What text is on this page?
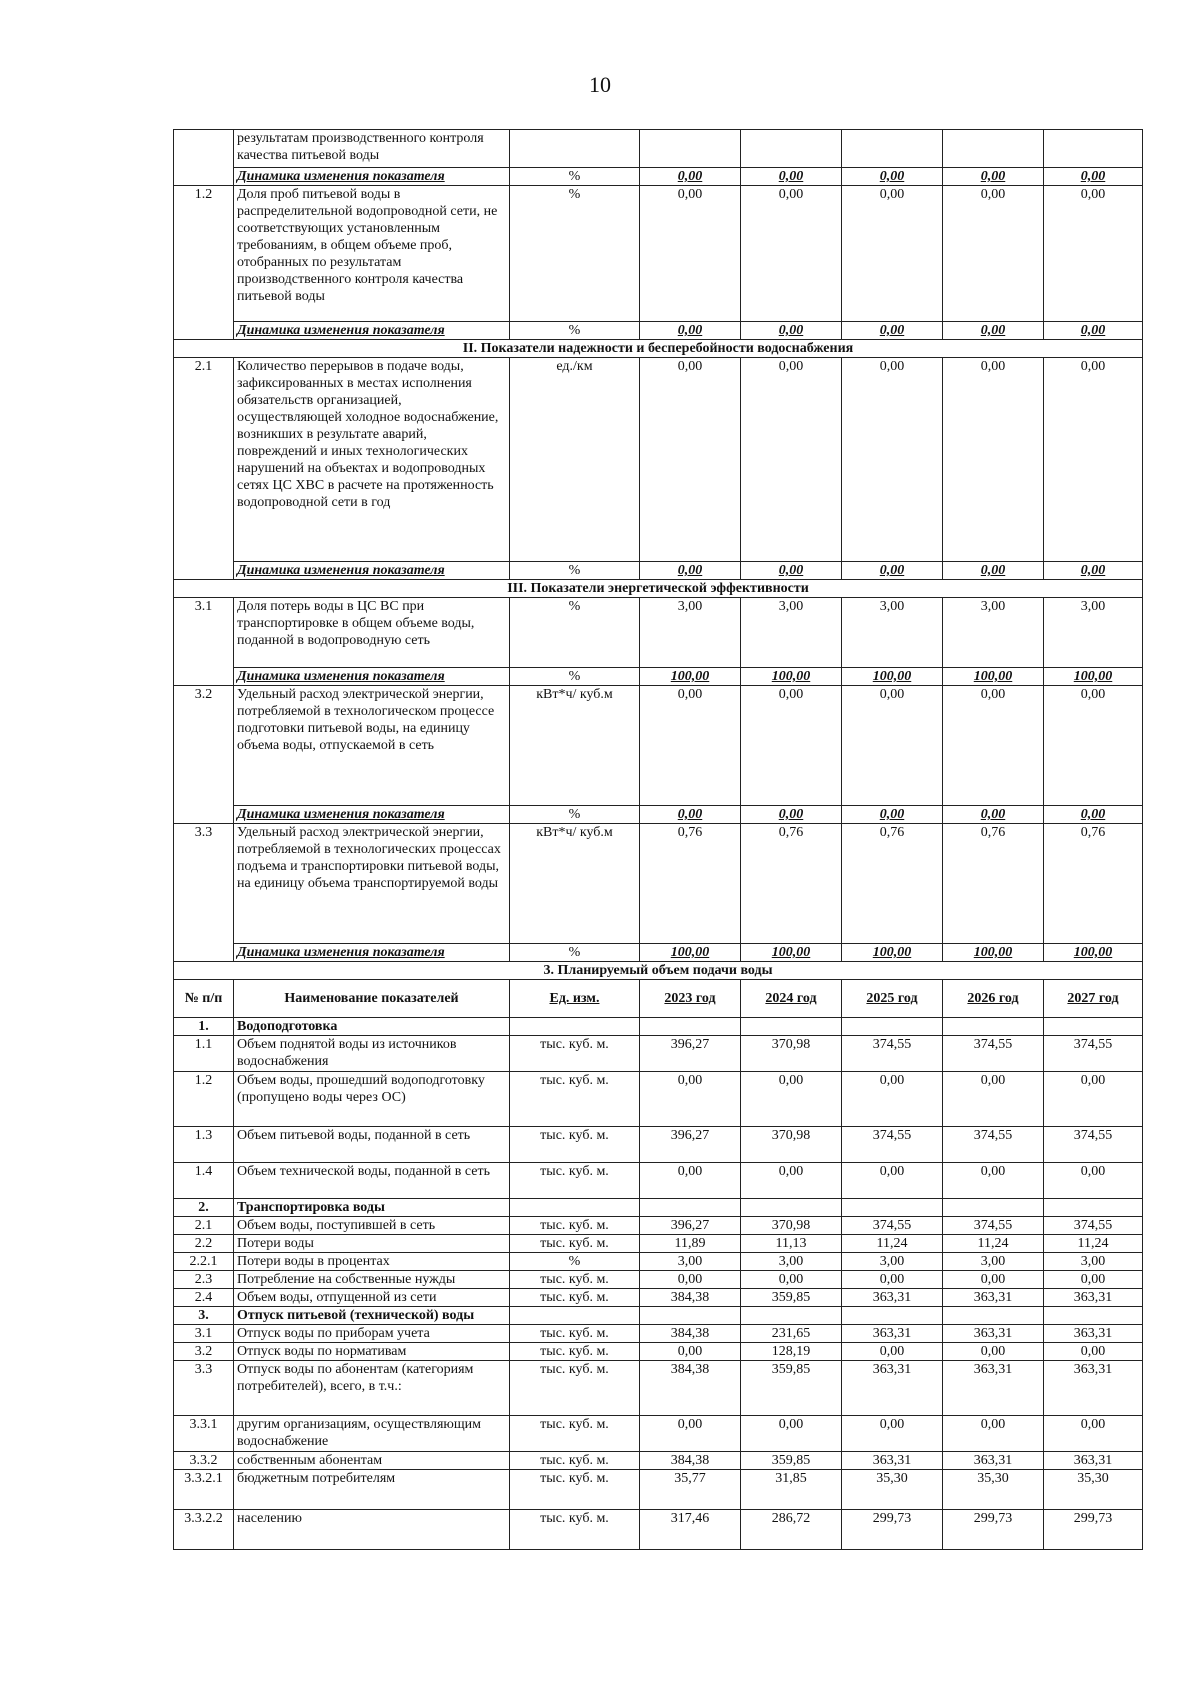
10
	результатам производственного контроля качества питьевой воды						
	Динамика изменения показателя	%	0,00	0,00	0,00	0,00	0,00
1.2	Доля проб питьевой воды в распределительной водопроводной сети, не соответствующих установленным требованиям, в общем объеме проб, отобранных по результатам производственного контроля качества питьевой воды	%	0,00	0,00	0,00	0,00	0,00
	Динамика изменения показателя	%	0,00	0,00	0,00	0,00	0,00
II. Показатели надежности и бесперебойности водоснабжения							
2.1	Количество перерывов в подаче воды, зафиксированных в местах исполнения обязательств организацией, осуществляющей холодное водоснабжение, возникших в результате аварий, повреждений и иных технологических нарушений на объектах и водопроводных сетях ЦС ХВС в расчете на протяженность водопроводной сети в год	ед./км	0,00	0,00	0,00	0,00	0,00
	Динамика изменения показателя	%	0,00	0,00	0,00	0,00	0,00
III. Показатели энергетической эффективности							
3.1	Доля потерь воды в ЦС ВС при транспортировке в общем объеме воды, поданной в водопроводную сеть	%	3,00	3,00	3,00	3,00	3,00
	Динамика изменения показателя	%	100,00	100,00	100,00	100,00	100,00
3.2	Удельный расход электрической энергии, потребляемой в технологическом процессе подготовки питьевой воды, на единицу объема воды, отпускаемой в сеть	кВт*ч/ куб.м	0,00	0,00	0,00	0,00	0,00
	Динамика изменения показателя	%	0,00	0,00	0,00	0,00	0,00
3.3	Удельный расход электрической энергии, потребляемой в технологических процессах подъема и транспортировки питьевой воды, на единицу объема транспортируемой воды	кВт*ч/ куб.м	0,76	0,76	0,76	0,76	0,76
	Динамика изменения показателя	%	100,00	100,00	100,00	100,00	100,00
3. Планируемый объем подачи воды							
№ п/п	Наименование показателей	Ед. изм.	2023 год	2024 год	2025 год	2026 год	2027 год
1.	Водоподготовка						
1.1	Объем поднятой воды из источников водоснабжения	тыс. куб. м.	396,27	370,98	374,55	374,55	374,55
1.2	Объем воды, прошедший водоподготовку (пропущено воды через ОС)	тыс. куб. м.	0,00	0,00	0,00	0,00	0,00
1.3	Объем питьевой воды, поданной в сеть	тыс. куб. м.	396,27	370,98	374,55	374,55	374,55
1.4	Объем технической воды, поданной в сеть	тыс. куб. м.	0,00	0,00	0,00	0,00	0,00
2.	Транспортировка воды						
2.1	Объем воды, поступившей в сеть	тыс. куб. м.	396,27	370,98	374,55	374,55	374,55
2.2	Потери воды	тыс. куб. м.	11,89	11,13	11,24	11,24	11,24
2.2.1	Потери воды в процентах	%	3,00	3,00	3,00	3,00	3,00
2.3	Потребление на собственные нужды	тыс. куб. м.	0,00	0,00	0,00	0,00	0,00
2.4	Объем воды, отпущенной из сети	тыс. куб. м.	384,38	359,85	363,31	363,31	363,31
3.	Отпуск питьевой (технической) воды						
3.1	Отпуск воды по приборам учета	тыс. куб. м.	384,38	231,65	363,31	363,31	363,31
3.2	Отпуск воды по нормативам	тыс. куб. м.	0,00	128,19	0,00	0,00	0,00
3.3	Отпуск воды по абонентам (категориям потребителей), всего, в т.ч.:	тыс. куб. м.	384,38	359,85	363,31	363,31	363,31
3.3.1	другим организациям, осуществляющим водоснабжение	тыс. куб. м.	0,00	0,00	0,00	0,00	0,00
3.3.2	собственным абонентам	тыс. куб. м.	384,38	359,85	363,31	363,31	363,31
3.3.2.1	бюджетным потребителям	тыс. куб. м.	35,77	31,85	35,30	35,30	35,30
3.3.2.2	населению	тыс. куб. м.	317,46	286,72	299,73	299,73	299,73
